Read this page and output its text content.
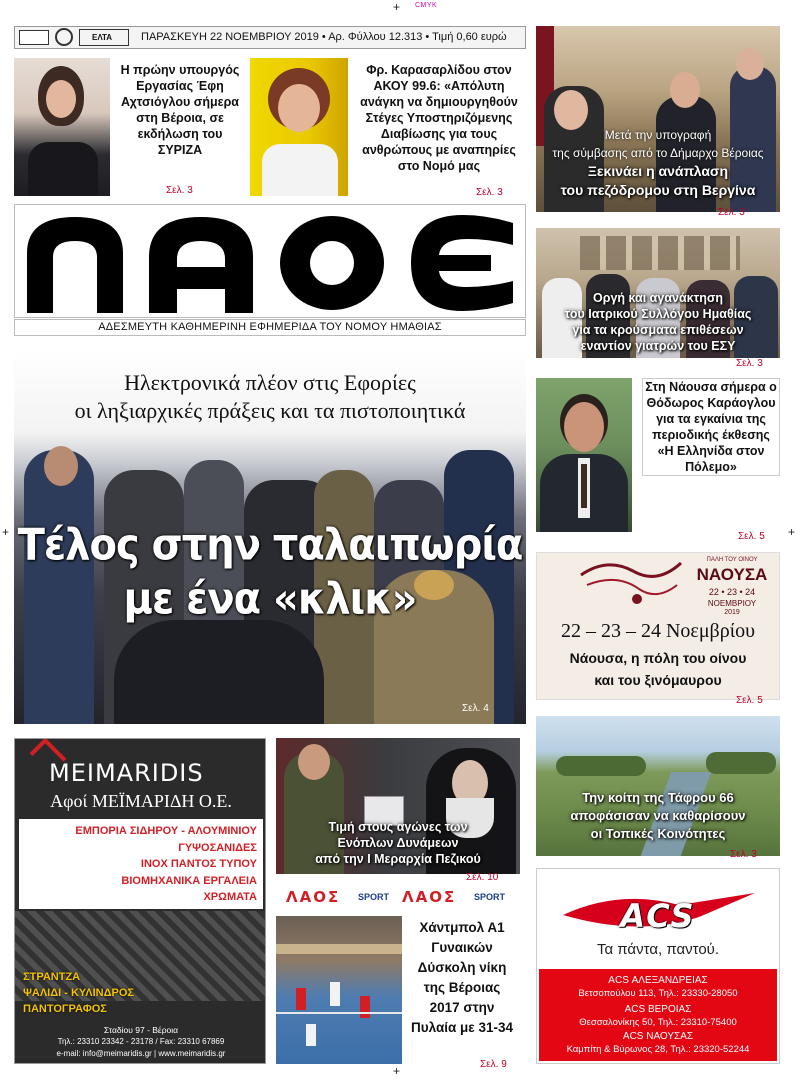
+ CMYK
+	+
+
ΕΛΤΑ	ΠΑΡΑΣΚΕΥΗ 22 ΝΟΕΜΒΡΙΟΥ 2019 • Αρ. Φύλλου 12.313 • Τιμή 0,60 ευρώ
Η πρώην υπουργός Εργασίας Έφη Αχτσιόγλου σήμερα στη Βέροια, σε εκδήλωση του ΣΥΡΙΖΑ
Σελ. 3
Φρ. Καρασαρλίδου στον ΑΚΟΥ 99.6: «Απόλυτη ανάγκη να δημιουργηθούν Στέγες Υποστηριζόμενης Διαβίωσης για τους ανθρώπους με αναπηρίες στο Νομό μας
Σελ. 3
ΑΔΕΣΜΕΥΤΗ ΚΑΘΗΜΕΡΙΝΗ ΕΦΗΜΕΡΙΔΑ ΤΟΥ ΝΟΜΟΥ ΗΜΑΘΙΑΣ
Ηλεκτρονικά πλέον στις Εφορίες
οι ληξιαρχικές πράξεις και τα πιστοποιητικά
Τέλος στην ταλαιπωρία
με ένα «κλικ»
Σελ. 4
Μετά την υπογραφή
της σύμβασης από το Δήμαρχο Βέροιας
Ξεκινάει η ανάπλαση
του πεζόδρομου στη Βεργίνα
Σελ. 3
Οργή και αγανάκτηση
του Ιατρικού Συλλόγου Ημαθίας
για τα κρούσματα επιθέσεων
εναντίον γιατρών του ΕΣΥ
Σελ. 3
Στη Νάουσα σήμερα ο Θόδωρος Καράογλου για τα εγκαίνια της περιοδικής έκθεσης «Η Ελληνίδα στον Πόλεμο»
Σελ. 5
ΠΑΛΗ ΤΟΥ ΟΙΝΟΥ
ΝΑΟΥΣΑ
22 • 23 • 24
ΝΟΕΜΒΡΙΟΥ
2019
22 – 23 – 24 Νοεμβρίου
Νάουσα, η πόλη του οίνου
και του ξινόμαυρου
Σελ. 5
Την κοίτη της Τάφρου 66
αποφάσισαν να καθαρίσουν
οι Τοπικές Κοινότητες
Σελ. 3
ACS
Τα πάντα, παντού.
ACS ΑΛΕΞΑΝΔΡΕΙΑΣ
Βετσοπούλου 113, Τηλ.: 23330-28050
ACS ΒΕΡΟΙΑΣ
Θεσσαλονίκης 50, Τηλ.: 23310-75400
ACS ΝΑΟΥΣΑΣ
Καμπίτη & Βύρωνος 28, Τηλ.: 23320-52244
MEIMARIDIS
Αφοί ΜΕΪΜΑΡΙΔΗ Ο.Ε.
ΕΜΠΟΡΙΑ ΣΙΔΗΡΟΥ - ΑΛΟΥΜΙΝΙΟΥ
ΓΥΨΟΣΑΝΙΔΕΣ
ΙΝΟΧ ΠΑΝΤΟΣ ΤΥΠΟΥ
ΒΙΟΜΗΧΑΝΙΚΑ ΕΡΓΑΛΕΙΑ
ΧΡΩΜΑΤΑ
ΣΤΡΑΝΤΖΑ
ΨΑΛΙΔΙ - ΚΥΛΙΝΔΡΟΣ
ΠΑΝΤΟΓΡΑΦΟΣ
Σταδίου 97 - Βέροια
Τηλ.: 23310 23342 - 23178 / Fax: 23310 67869
e-mail: info@meimaridis.gr | www.meimaridis.gr
Τιμή στους αγώνες των
Ενόπλων Δυνάμεων
από την Ι Μεραρχία Πεζικού
Σελ. 10
ΛΑΟΣ SPORT ΛΑΟΣ SPORT
Χάντμπολ Α1 Γυναικών Δύσκολη νίκη της Βέροιας 2017 στην Πυλαία με 31-34
Σελ. 9
